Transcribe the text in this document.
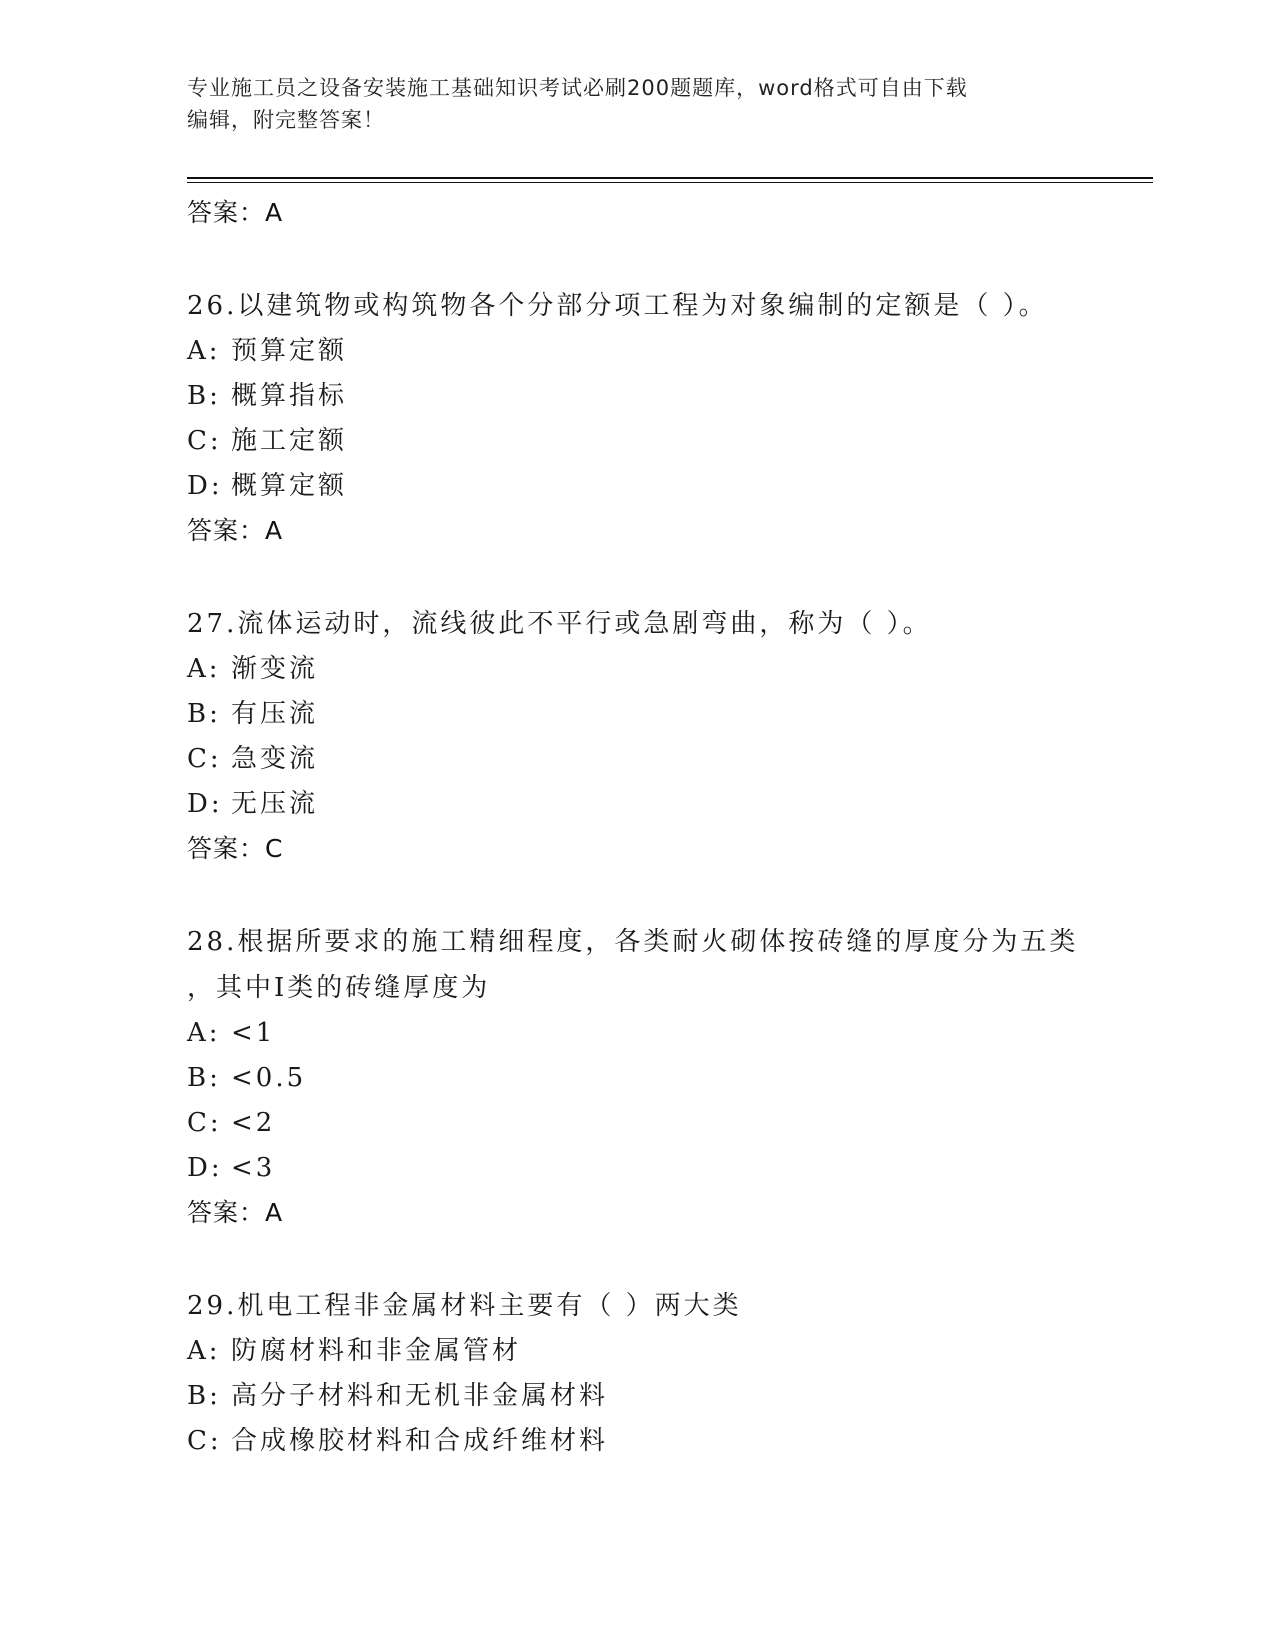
专业施工员之设备安装施工基础知识考试必刷200题题库，word格式可自由下载
编辑，附完整答案！
答案：A
26.以建筑物或构筑物各个分部分项工程为对象编制的定额是（ ）。
A: 预算定额
B: 概算指标
C: 施工定额
D: 概算定额
答案：A
27.流体运动时，流线彼此不平行或急剧弯曲，称为（ ）。
A: 渐变流
B: 有压流
C: 急变流
D: 无压流
答案：C
28.根据所要求的施工精细程度，各类耐火砌体按砖缝的厚度分为五类
，其中Ⅰ类的砖缝厚度为
A: <1
B: <0.5
C: <2
D: <3
答案：A
29.机电工程非金属材料主要有（ ）两大类
A: 防腐材料和非金属管材
B: 高分子材料和无机非金属材料
C: 合成橡胶材料和合成纤维材料
